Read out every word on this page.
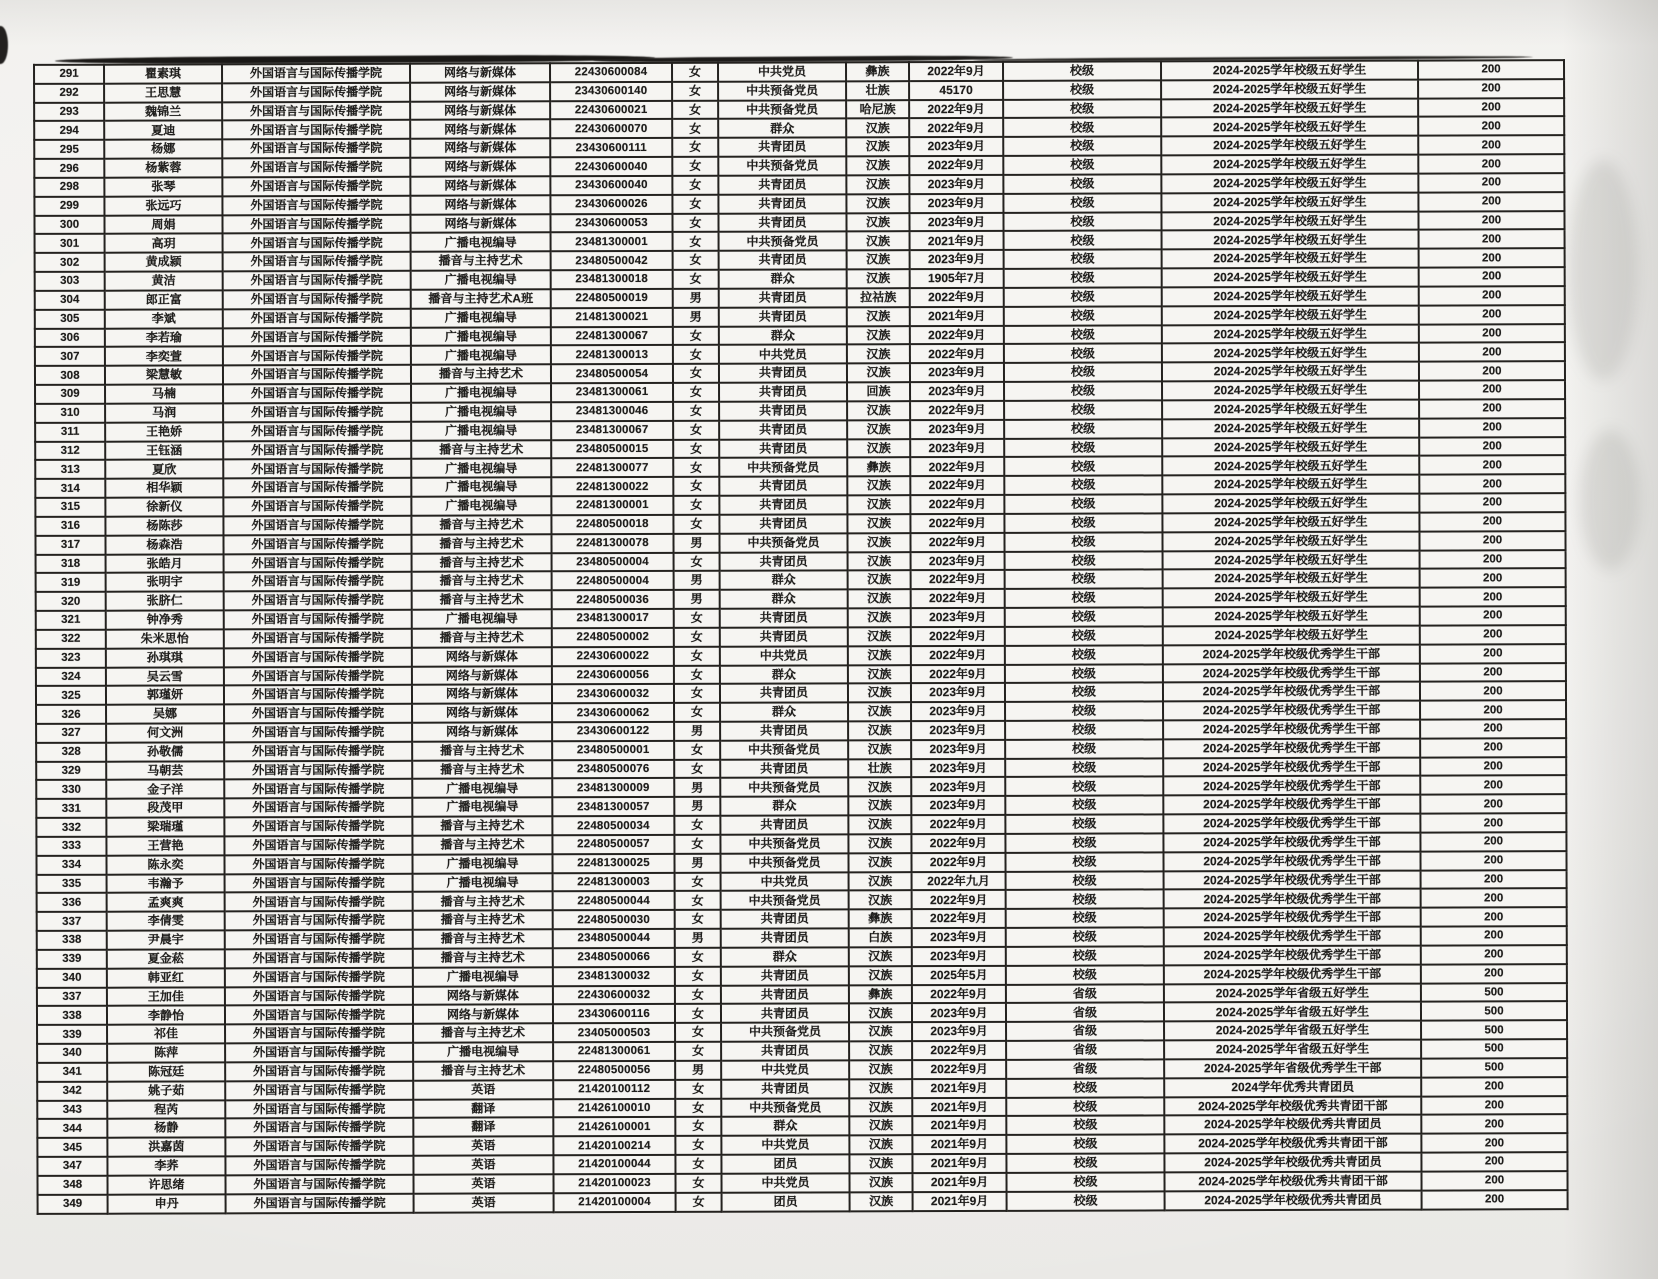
291	瞿素琪	外国语言与国际传播学院	网络与新媒体	22430600084	女	中共党员	彝族	2022年9月	校级	2024-2025学年校级五好学生	200
292	王思慧	外国语言与国际传播学院	网络与新媒体	23430600140	女	中共预备党员	壮族	45170	校级	2024-2025学年校级五好学生	200
293	魏锦兰	外国语言与国际传播学院	网络与新媒体	22430600021	女	中共预备党员	哈尼族	2022年9月	校级	2024-2025学年校级五好学生	200
294	夏迪	外国语言与国际传播学院	网络与新媒体	22430600070	女	群众	汉族	2022年9月	校级	2024-2025学年校级五好学生	200
295	杨娜	外国语言与国际传播学院	网络与新媒体	23430600111	女	共青团员	汉族	2023年9月	校级	2024-2025学年校级五好学生	200
296	杨紫蓉	外国语言与国际传播学院	网络与新媒体	22430600040	女	中共预备党员	汉族	2022年9月	校级	2024-2025学年校级五好学生	200
298	张琴	外国语言与国际传播学院	网络与新媒体	23430600040	女	共青团员	汉族	2023年9月	校级	2024-2025学年校级五好学生	200
299	张远巧	外国语言与国际传播学院	网络与新媒体	23430600026	女	共青团员	汉族	2023年9月	校级	2024-2025学年校级五好学生	200
300	周娟	外国语言与国际传播学院	网络与新媒体	23430600053	女	共青团员	汉族	2023年9月	校级	2024-2025学年校级五好学生	200
301	高玥	外国语言与国际传播学院	广播电视编导	23481300001	女	中共预备党员	汉族	2021年9月	校级	2024-2025学年校级五好学生	200
302	黄成颍	外国语言与国际传播学院	播音与主持艺术	23480500042	女	共青团员	汉族	2023年9月	校级	2024-2025学年校级五好学生	200
303	黄洁	外国语言与国际传播学院	广播电视编导	23481300018	女	群众	汉族	1905年7月	校级	2024-2025学年校级五好学生	200
304	郎正富	外国语言与国际传播学院	播音与主持艺术A班	22480500019	男	共青团员	拉祜族	2022年9月	校级	2024-2025学年校级五好学生	200
305	李斌	外国语言与国际传播学院	广播电视编导	21481300021	男	共青团员	汉族	2021年9月	校级	2024-2025学年校级五好学生	200
306	李若瑜	外国语言与国际传播学院	广播电视编导	22481300067	女	群众	汉族	2022年9月	校级	2024-2025学年校级五好学生	200
307	李奕萱	外国语言与国际传播学院	广播电视编导	22481300013	女	中共党员	汉族	2022年9月	校级	2024-2025学年校级五好学生	200
308	梁慧敏	外国语言与国际传播学院	播音与主持艺术	23480500054	女	共青团员	汉族	2023年9月	校级	2024-2025学年校级五好学生	200
309	马楠	外国语言与国际传播学院	广播电视编导	23481300061	女	共青团员	回族	2023年9月	校级	2024-2025学年校级五好学生	200
310	马润	外国语言与国际传播学院	广播电视编导	23481300046	女	共青团员	汉族	2022年9月	校级	2024-2025学年校级五好学生	200
311	王艳娇	外国语言与国际传播学院	广播电视编导	23481300067	女	共青团员	汉族	2023年9月	校级	2024-2025学年校级五好学生	200
312	王钰涵	外国语言与国际传播学院	播音与主持艺术	23480500015	女	共青团员	汉族	2023年9月	校级	2024-2025学年校级五好学生	200
313	夏欣	外国语言与国际传播学院	广播电视编导	22481300077	女	中共预备党员	彝族	2022年9月	校级	2024-2025学年校级五好学生	200
314	相华颖	外国语言与国际传播学院	广播电视编导	22481300022	女	共青团员	汉族	2022年9月	校级	2024-2025学年校级五好学生	200
315	徐新仪	外国语言与国际传播学院	广播电视编导	22481300001	女	共青团员	汉族	2022年9月	校级	2024-2025学年校级五好学生	200
316	杨陈莎	外国语言与国际传播学院	播音与主持艺术	22480500018	女	共青团员	汉族	2022年9月	校级	2024-2025学年校级五好学生	200
317	杨森浩	外国语言与国际传播学院	播音与主持艺术	22481300078	男	中共预备党员	汉族	2022年9月	校级	2024-2025学年校级五好学生	200
318	张皓月	外国语言与国际传播学院	播音与主持艺术	23480500004	女	共青团员	汉族	2023年9月	校级	2024-2025学年校级五好学生	200
319	张明宇	外国语言与国际传播学院	播音与主持艺术	22480500004	男	群众	汉族	2022年9月	校级	2024-2025学年校级五好学生	200
320	张脐仁	外国语言与国际传播学院	播音与主持艺术	22480500036	男	群众	汉族	2022年9月	校级	2024-2025学年校级五好学生	200
321	钟净秀	外国语言与国际传播学院	广播电视编导	23481300017	女	共青团员	汉族	2023年9月	校级	2024-2025学年校级五好学生	200
322	朱米思怡	外国语言与国际传播学院	播音与主持艺术	22480500002	女	共青团员	汉族	2022年9月	校级	2024-2025学年校级五好学生	200
323	孙琪琪	外国语言与国际传播学院	网络与新媒体	22430600022	女	中共党员	汉族	2022年9月	校级	2024-2025学年校级优秀学生干部	200
324	吴云雪	外国语言与国际传播学院	网络与新媒体	22430600056	女	群众	汉族	2022年9月	校级	2024-2025学年校级优秀学生干部	200
325	郭瑾妍	外国语言与国际传播学院	网络与新媒体	23430600032	女	共青团员	汉族	2023年9月	校级	2024-2025学年校级优秀学生干部	200
326	吴娜	外国语言与国际传播学院	网络与新媒体	23430600062	女	群众	汉族	2023年9月	校级	2024-2025学年校级优秀学生干部	200
327	何文洲	外国语言与国际传播学院	网络与新媒体	23430600122	男	共青团员	汉族	2023年9月	校级	2024-2025学年校级优秀学生干部	200
328	孙敬儒	外国语言与国际传播学院	播音与主持艺术	23480500001	女	中共预备党员	汉族	2023年9月	校级	2024-2025学年校级优秀学生干部	200
329	马朝芸	外国语言与国际传播学院	播音与主持艺术	23480500076	女	共青团员	壮族	2023年9月	校级	2024-2025学年校级优秀学生干部	200
330	金子洋	外国语言与国际传播学院	广播电视编导	23481300009	男	中共预备党员	汉族	2023年9月	校级	2024-2025学年校级优秀学生干部	200
331	段茂甲	外国语言与国际传播学院	广播电视编导	23481300057	男	群众	汉族	2023年9月	校级	2024-2025学年校级优秀学生干部	200
332	梁瑞瑾	外国语言与国际传播学院	播音与主持艺术	22480500034	女	共青团员	汉族	2022年9月	校级	2024-2025学年校级优秀学生干部	200
333	王营艳	外国语言与国际传播学院	播音与主持艺术	22480500057	女	中共预备党员	汉族	2022年9月	校级	2024-2025学年校级优秀学生干部	200
334	陈永奕	外国语言与国际传播学院	广播电视编导	22481300025	男	中共预备党员	汉族	2022年9月	校级	2024-2025学年校级优秀学生干部	200
335	韦瀚予	外国语言与国际传播学院	广播电视编导	22481300003	女	中共党员	汉族	2022年九月	校级	2024-2025学年校级优秀学生干部	200
336	孟爽爽	外国语言与国际传播学院	播音与主持艺术	22480500044	女	中共预备党员	汉族	2022年9月	校级	2024-2025学年校级优秀学生干部	200
337	李倩雯	外国语言与国际传播学院	播音与主持艺术	22480500030	女	共青团员	彝族	2022年9月	校级	2024-2025学年校级优秀学生干部	200
338	尹晨宇	外国语言与国际传播学院	播音与主持艺术	23480500044	男	共青团员	白族	2023年9月	校级	2024-2025学年校级优秀学生干部	200
339	夏金菘	外国语言与国际传播学院	播音与主持艺术	23480500066	女	群众	汉族	2023年9月	校级	2024-2025学年校级优秀学生干部	200
340	韩亚红	外国语言与国际传播学院	广播电视编导	23481300032	女	共青团员	汉族	2025年5月	校级	2024-2025学年校级优秀学生干部	200
337	王加佳	外国语言与国际传播学院	网络与新媒体	22430600032	女	共青团员	彝族	2022年9月	省级	2024-2025学年省级五好学生	500
338	李静怡	外国语言与国际传播学院	网络与新媒体	23430600116	女	共青团员	汉族	2023年9月	省级	2024-2025学年省级五好学生	500
339	祁佳	外国语言与国际传播学院	播音与主持艺术	23405000503	女	中共预备党员	汉族	2023年9月	省级	2024-2025学年省级五好学生	500
340	陈萍	外国语言与国际传播学院	广播电视编导	22481300061	女	共青团员	汉族	2022年9月	省级	2024-2025学年省级五好学生	500
341	陈冠廷	外国语言与国际传播学院	播音与主持艺术	22480500056	男	中共党员	汉族	2022年9月	省级	2024-2025学年省级优秀学生干部	500
342	姚子茹	外国语言与国际传播学院	英语	21420100112	女	共青团员	汉族	2021年9月	校级	2024学年优秀共青团员	200
343	程芮	外国语言与国际传播学院	翻译	21426100010	女	中共预备党员	汉族	2021年9月	校级	2024-2025学年校级优秀共青团干部	200
344	杨静	外国语言与国际传播学院	翻译	21426100001	女	群众	汉族	2021年9月	校级	2024-2025学年校级优秀共青团员	200
345	洪嘉茵	外国语言与国际传播学院	英语	21420100214	女	中共党员	汉族	2021年9月	校级	2024-2025学年校级优秀共青团干部	200
347	李荞	外国语言与国际传播学院	英语	21420100044	女	团员	汉族	2021年9月	校级	2024-2025学年校级优秀共青团员	200
348	许思绪	外国语言与国际传播学院	英语	21420100023	女	中共党员	汉族	2021年9月	校级	2024-2025学年校级优秀共青团干部	200
349	申丹	外国语言与国际传播学院	英语	21420100004	女	团员	汉族	2021年9月	校级	2024-2025学年校级优秀共青团员	200
